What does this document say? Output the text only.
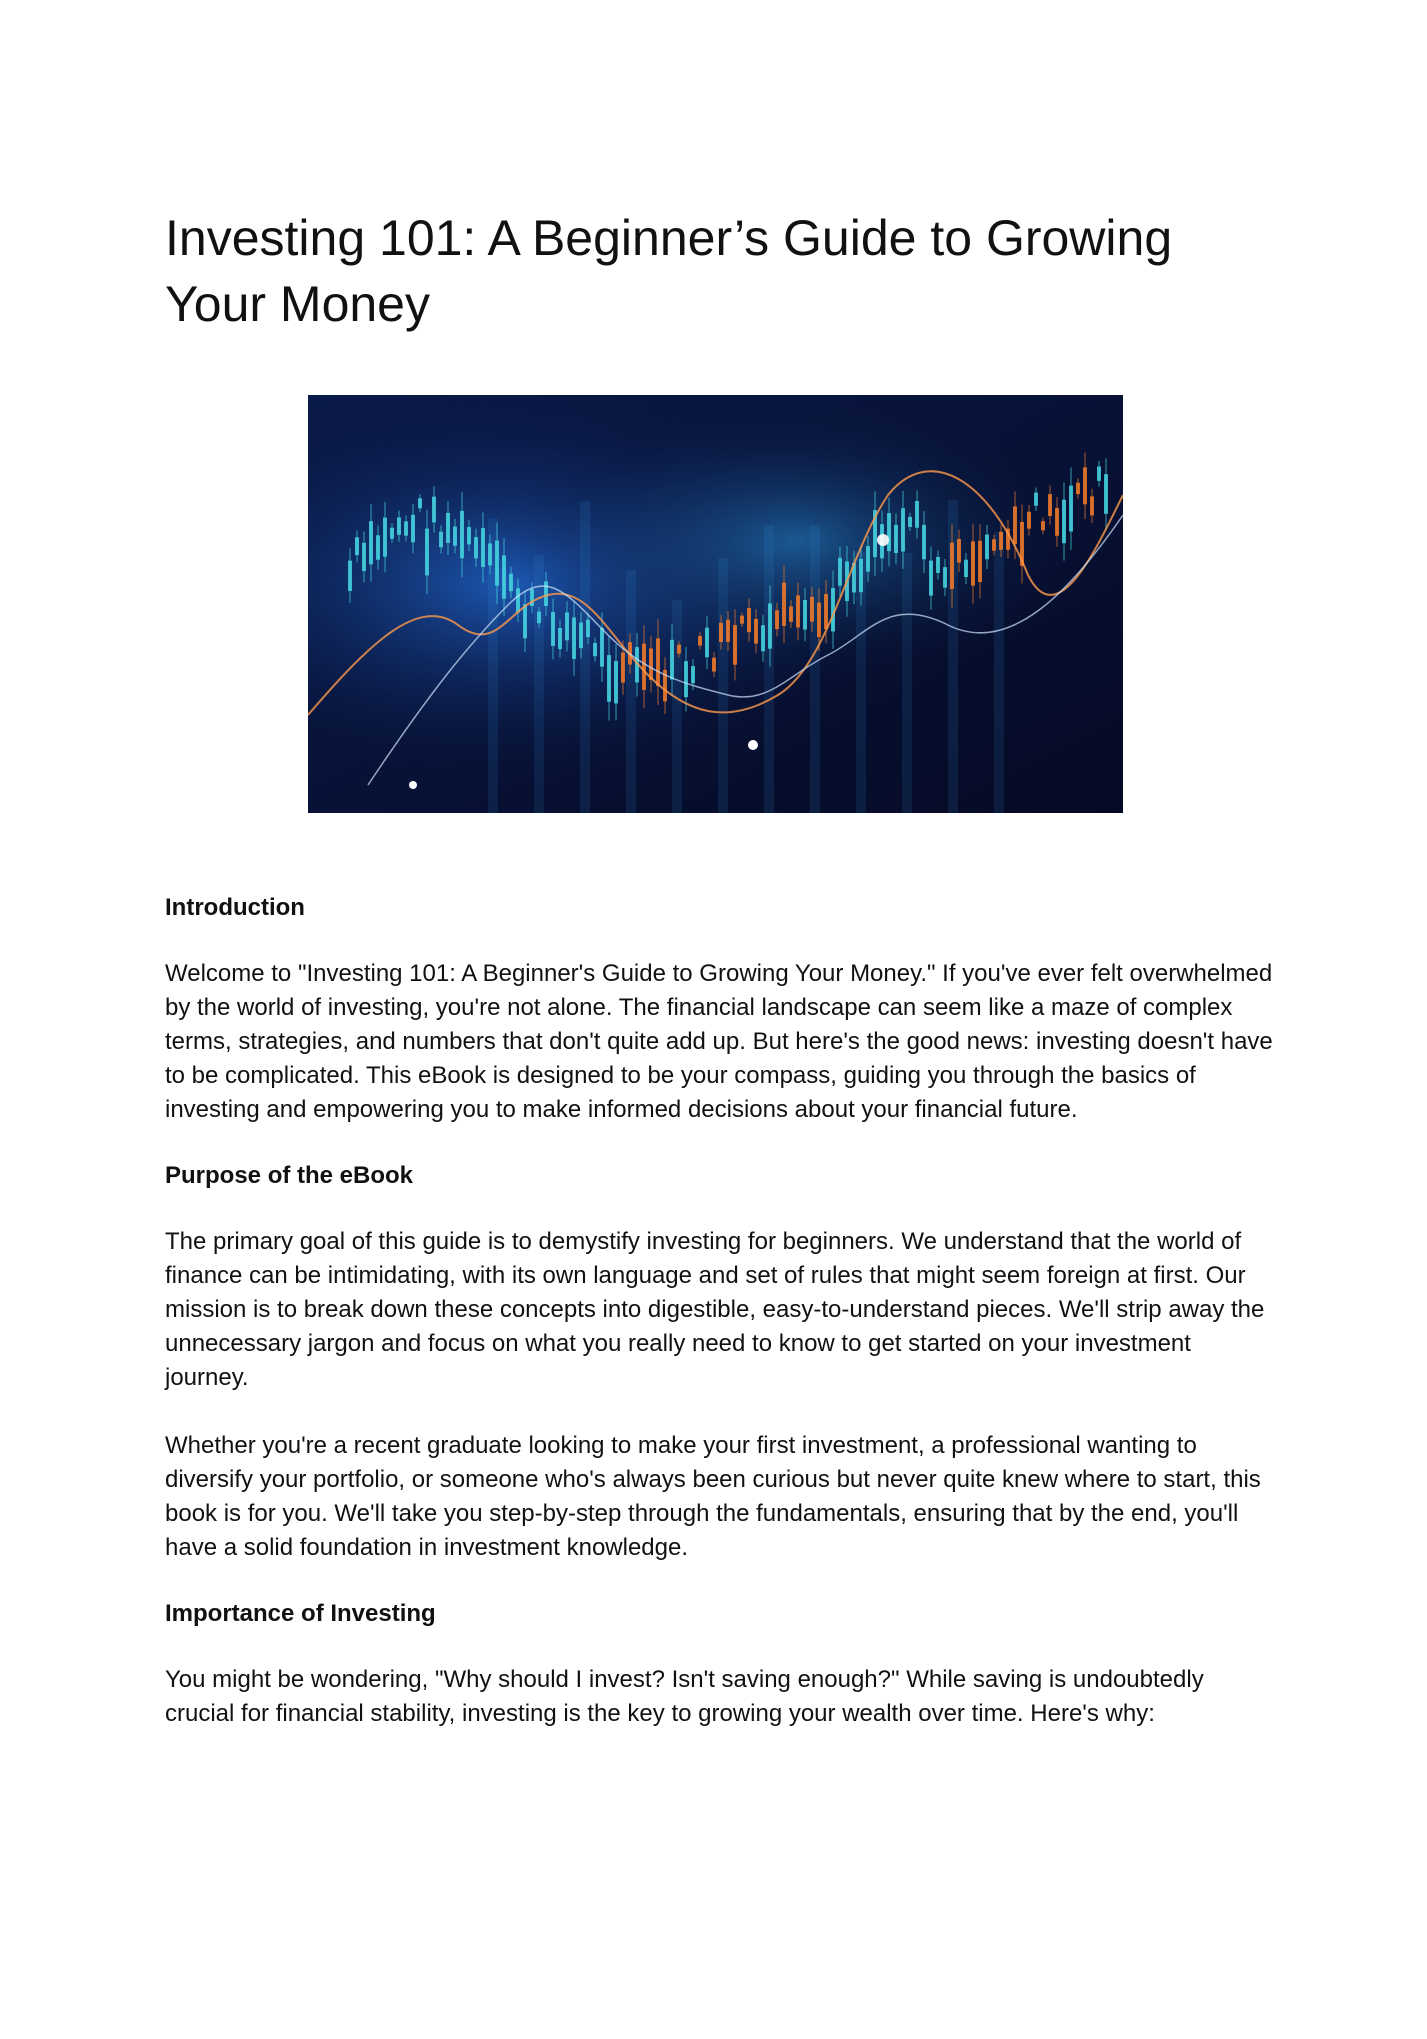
Investing 101: A Beginner’s Guide to Growing Your Money
Introduction

Welcome to "Investing 101: A Beginner's Guide to Growing Your Money." If you've ever felt overwhelmed by the world of investing, you're not alone. The financial landscape can seem like a maze of complex terms, strategies, and numbers that don't quite add up. But here's the good news: investing doesn't have to be complicated. This eBook is designed to be your compass, guiding you through the basics of investing and empowering you to make informed decisions about your financial future.

Purpose of the eBook

The primary goal of this guide is to demystify investing for beginners. We understand that the world of finance can be intimidating, with its own language and set of rules that might seem foreign at first. Our mission is to break down these concepts into digestible, easy-to-understand pieces. We'll strip away the unnecessary jargon and focus on what you really need to know to get started on your investment journey.

Whether you're a recent graduate looking to make your first investment, a professional wanting to diversify your portfolio, or someone who's always been curious but never quite knew where to start, this book is for you. We'll take you step-by-step through the fundamentals, ensuring that by the end, you'll have a solid foundation in investment knowledge.

Importance of Investing

You might be wondering, "Why should I invest? Isn't saving enough?" While saving is undoubtedly crucial for financial stability, investing is the key to growing your wealth over time. Here's why:
